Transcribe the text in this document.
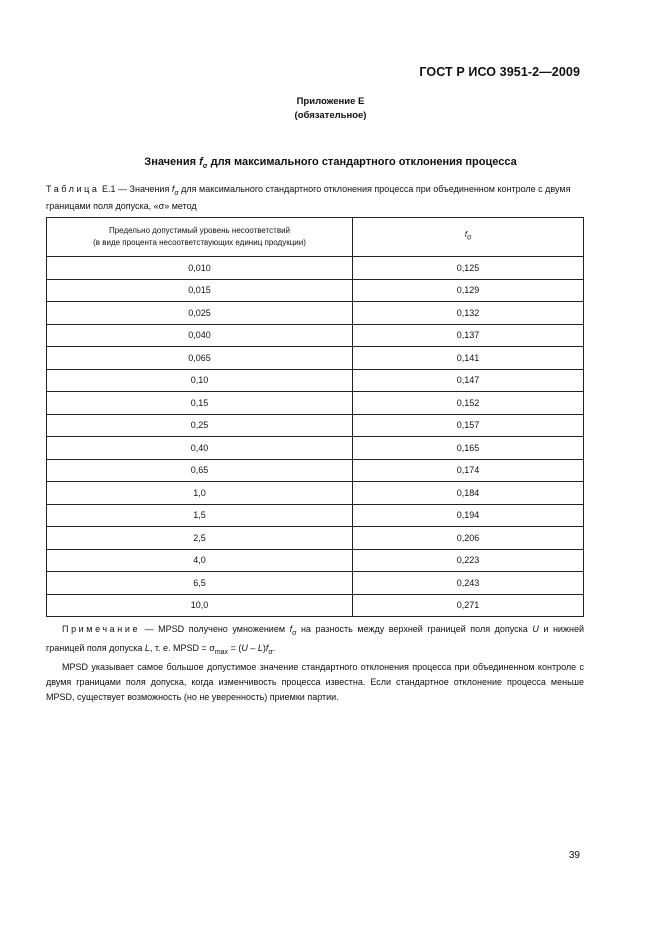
ГОСТ Р ИСО 3951-2—2009
Приложение Е
(обязательное)
Значения $f_\sigma$ для максимального стандартного отклонения процесса
Таблица Е.1 — Значения $f_\sigma$ для максимального стандартного отклонения процесса при объединенном контроле с двумя границами поля допуска, «σ» метод
Предельно допустимый уровень несоответствий
(в виде процента несоответствующих единиц продукции)	$f_\sigma$
0,010	0,125
0,015	0,129
0,025	0,132
0,040	0,137
0,065	0,141
0,10	0,147
0,15	0,152
0,25	0,157
0,40	0,165
0,65	0,174
1,0	0,184
1,5	0,194
2,5	0,206
4,0	0,223
6,5	0,243
10,0	0,271

Примечание — MPSD получено умножением $f_\sigma$ на разность между верхней границей поля допуска U и нижней границей поля допуска L, т. е. MPSD = $\sigma_{max} = (U - L)f_\sigma$.

MPSD указывает самое большое допустимое значение стандартного отклонения процесса при объединенном контроле с двумя границами поля допуска, когда изменчивость процесса известна. Если стандартное отклонение процесса меньше MPSD, существует возможность (но не уверенность) приемки партии.

39
